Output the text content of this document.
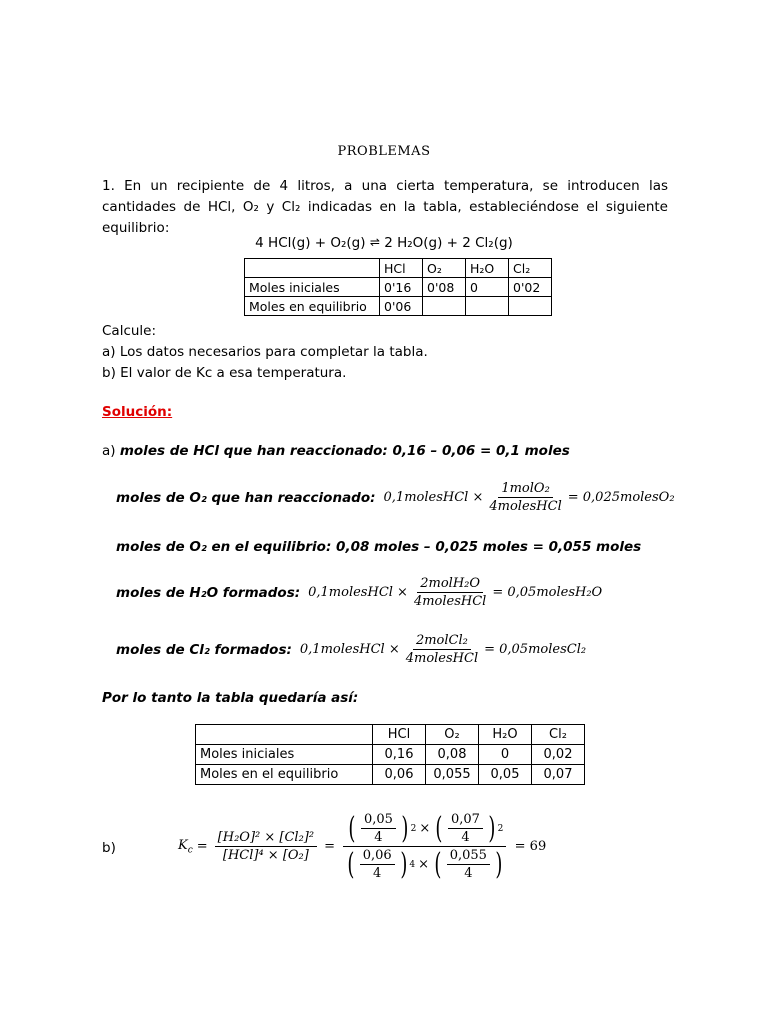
PROBLEMAS
1. En un recipiente de 4 litros, a una cierta temperatura, se introducen las cantidades de HCl, O₂ y Cl₂ indicadas en la tabla, estableciéndose el siguiente equilibrio:
4 HCl(g) + O₂(g) ⇌ 2 H₂O(g) + 2 Cl₂(g)
	HCl	O₂	H₂O	Cl₂
Moles iniciales	0'16	0'08	0	0'02
Moles en equilibrio	0'06			
Calcule:
a) Los datos necesarios para completar la tabla.
b) El valor de Kc a esa temperatura.
Solución:
a) moles de HCl que han reaccionado: 0,16 – 0,06 = 0,1 moles
moles de O₂ que han reaccionado: 0,1molesHCl × $\frac{\text{1molO₂}}{\text{4molesHCl}}$ = 0,025molesO₂
moles de O₂ en el equilibrio: 0,08 moles – 0,025 moles = 0,055 moles
moles de H₂O formados: 0,1molesHCl × $\frac{\text{2molH₂O}}{\text{4molesHCl}}$ = 0,05molesH₂O
moles de Cl₂ formados: 0,1molesHCl × $\frac{\text{2molCl₂}}{\text{4molesHCl}}$ = 0,05molesCl₂
Por lo tanto la tabla quedaría así:
	HCl	O₂	H₂O	Cl₂
Moles iniciales	0,16	0,08	0	0,02
Moles en el equilibrio	0,06	0,055	0,05	0,07
b)	$K_c = \frac{\text{[H₂O]² × [Cl₂]²}}{\text{[HCl]⁴ × [O₂]}}$ =
( $\frac{0,05}{4}$ ) 2 × ( $\frac{0,07}{4}$ ) 2
( $\frac{0,06}{4}$ ) 4 × ( $\frac{0,055}{4}$ ) = 69
